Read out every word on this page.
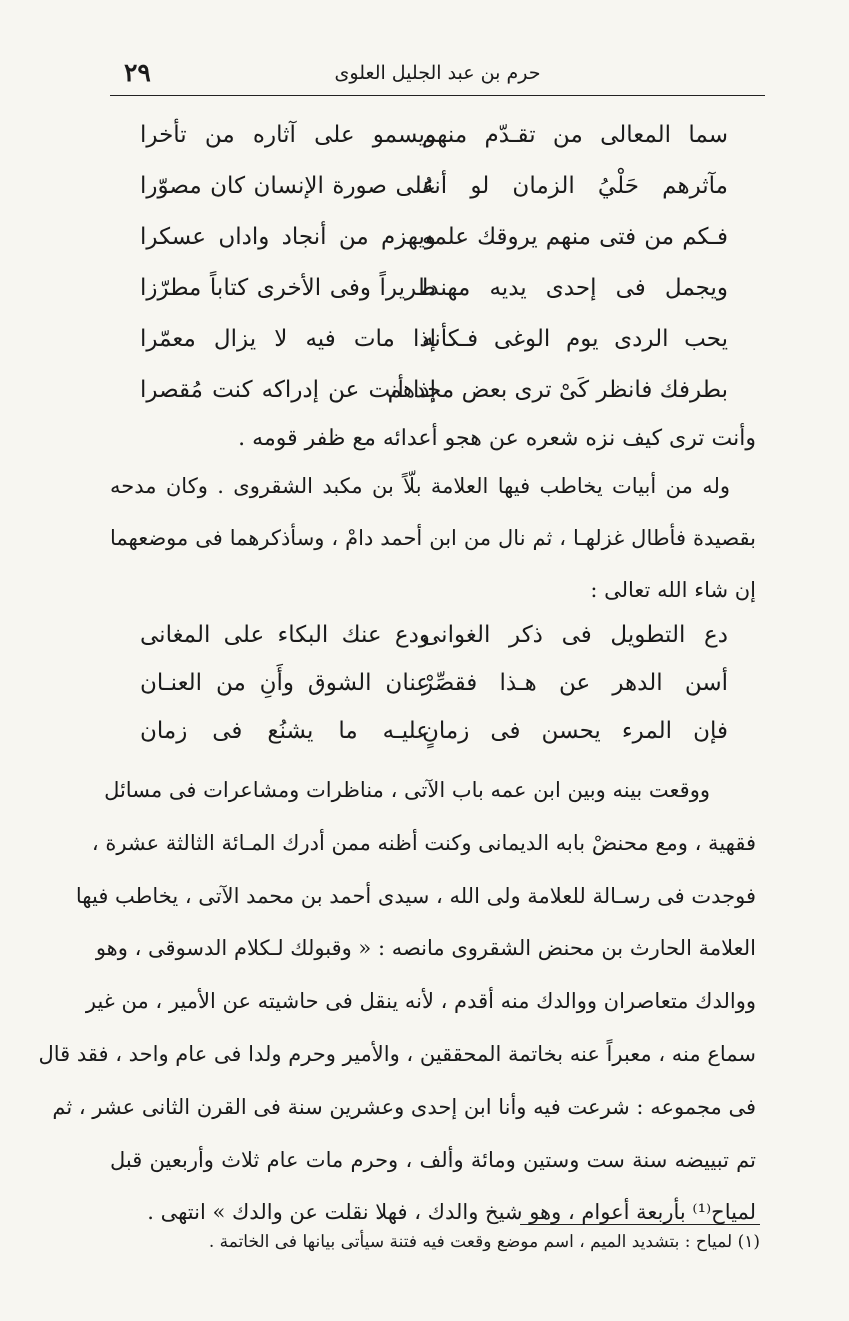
٢٩	حرم بن عبد الجليل العلوى
سما المعالى من تقـدّم منهم
ويسمو على آثاره من تأخرا
مآثرهم حَلْيُ الزمان لو أنهُ
على صورة الإنسان كان مصوّرا
فـكم من فتى منهم يروقك علمه
ويهزم من أنجاد واداں عسكرا
ويجمل فى إحدى يديه مهندا
طريراً وفى الأخرى كتاباً مطرّزا
يحب الردى يوم الوغى فـكأنه
إذا مات فيه لا يزال معمّرا
بطرفك فانظر كَىْ ترى بعض مجدهم
إذا أنت عن إدراكه كنت مُقصرا
وأنت ترى كيف نزه شعره عن هجو أعدائه مع ظفر قومه .
وله من أبيات يخاطب فيها العلامة بلّاً بن مكبد الشقروى . وكان مدحه
بقصيدة فأطال غزلهـا ، ثم نال من ابن أحمد دامْ ، وسأذكرهما فى موضعهما
إن شاء الله تعالى :
دع التطويل فى ذكر الغوانى
ودع عنك البكاء على المغانى
أسن الدهر عن هـذا فقصِّرْ
عنان الشوق وأَنِ من العنـان
فإن المرء يحسن فى زمانٍ
عليـه ما يشنُع فى زمان
ووقعت بينه وبين ابن عمه باب الآتى ، مناظرات ومشاعرات فى مسائل
فقهية ، ومع محنضْ بابه الديمانى وكنت أظنه ممن أدرك المـائة الثالثة عشرة ،
فوجدت فى رسـالة للعلامة ولى الله ، سيدى أحمد بن محمد الآتى ، يخاطب فيها
العلامة الحارث بن محنض الشقروى مانصه : « وقبولك لـكلام الدسوقى ، وهو
ووالدك متعاصران ووالدك منه أقدم ، لأنه ينقل فى حاشيته عن الأمير ، من غير
سماع منه ، معبراً عنه بخاتمة المحققين ، والأمير وحرم ولدا فى عام واحد ، فقد قال
فى مجموعه : شرعت فيه وأنا ابن إحدى وعشرين سنة فى القرن الثانى عشر ، ثم
تم تبييضه سنة ست وستين ومائة وألف ، وحرم مات عام ثلاث وأربعين قبل
لمياح⁽¹⁾ بأربعة أعوام ، وهو شيخ والدك ، فهلا نقلت عن والدك » انتهى .
(١) لمياح : بتشديد الميم ، اسم موضع وقعت فيه فتنة سيأتى بيانها فى الخاتمة .
